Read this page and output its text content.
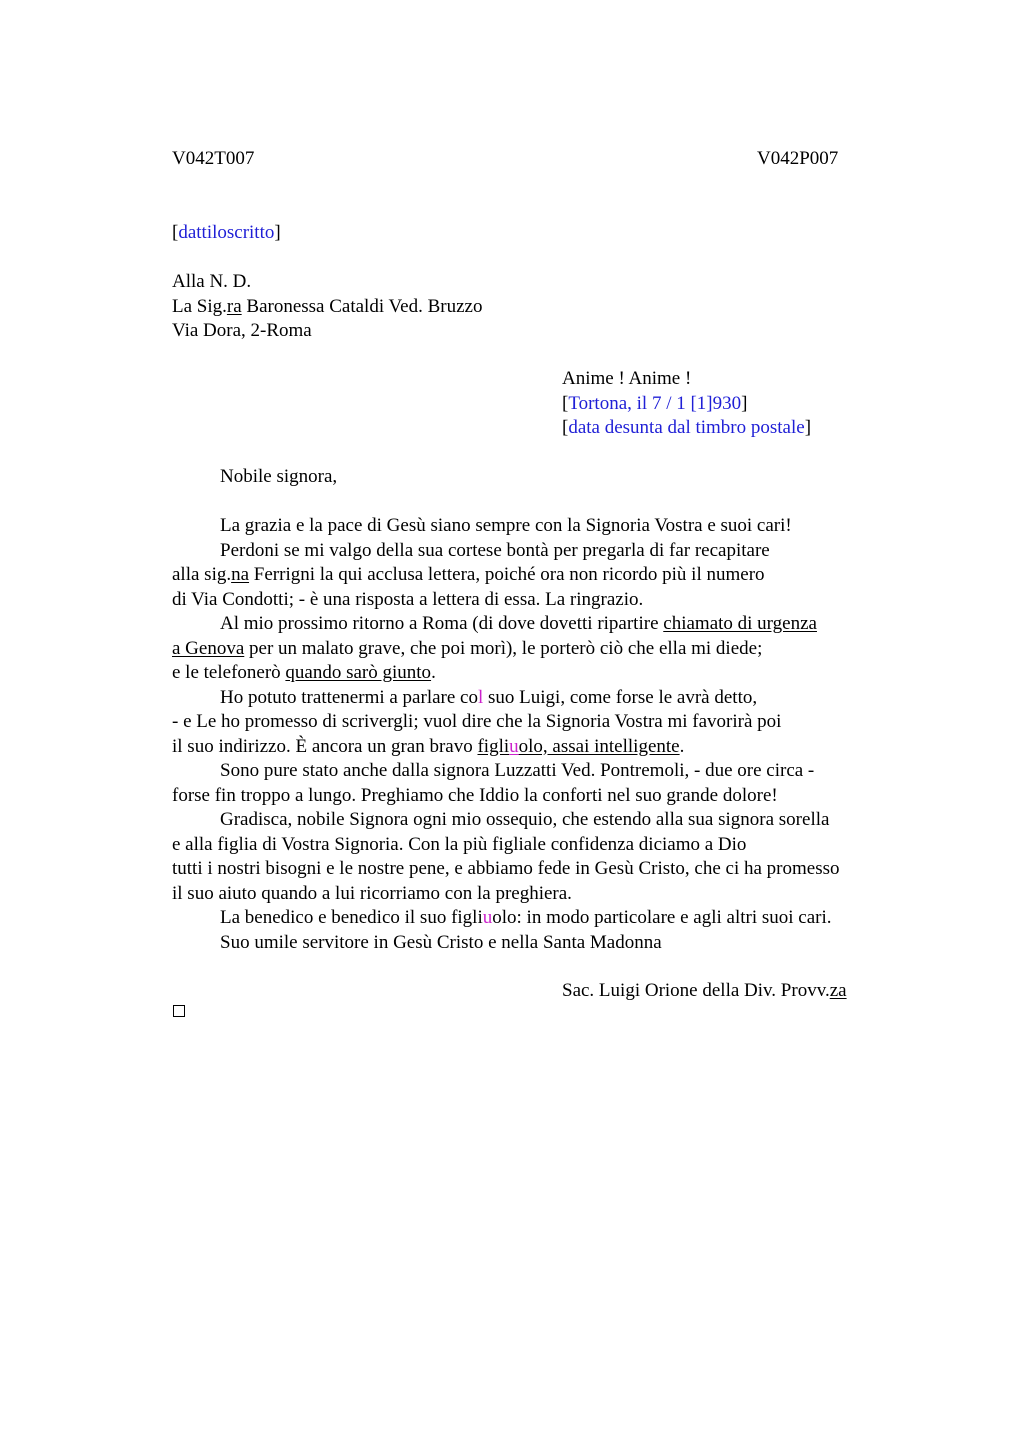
V042T007	V042P007
[dattiloscritto]
Alla N. D.
La Sig.ra Baronessa Cataldi Ved. Bruzzo
Via Dora, 2-Roma
Anime ! Anime !
[Tortona, il 7 / 1 [1]930]
[data desunta dal timbro postale]
Nobile signora,
La grazia e la pace di Gesù siano sempre con la Signoria Vostra e suoi cari!
Perdoni se mi valgo della sua cortese bontà per pregarla di far recapitare
alla sig.na Ferrigni la qui acclusa lettera, poiché ora non ricordo più il numero
di Via Condotti; - è una risposta a lettera di essa. La ringrazio.
Al mio prossimo ritorno a Roma (di dove dovetti ripartire chiamato di urgenza
a Genova per un malato grave, che poi morì), le porterò ciò che ella mi diede;
e le telefonerò quando sarò giunto.
Ho potuto trattenermi a parlare col suo Luigi, come forse le avrà detto,
- e Le ho promesso di scrivergli; vuol dire che la Signoria Vostra mi favorirà poi
il suo indirizzo. È ancora un gran bravo figliuolo, assai intelligente.
Sono pure stato anche dalla signora Luzzatti Ved. Pontremoli, - due ore circa -
forse fin troppo a lungo. Preghiamo che Iddio la conforti nel suo grande dolore!
Gradisca, nobile Signora ogni mio ossequio, che estendo alla sua signora sorella
e alla figlia di Vostra Signoria. Con la più figliale confidenza diciamo a Dio
tutti i nostri bisogni e le nostre pene, e abbiamo fede in Gesù Cristo, che ci ha promesso
il suo aiuto quando a lui ricorriamo con la preghiera.
La benedico e benedico il suo figliuolo: in modo particolare e agli altri suoi cari.
Suo umile servitore in Gesù Cristo e nella Santa Madonna
Sac. Luigi Orione della Div. Provv.za
